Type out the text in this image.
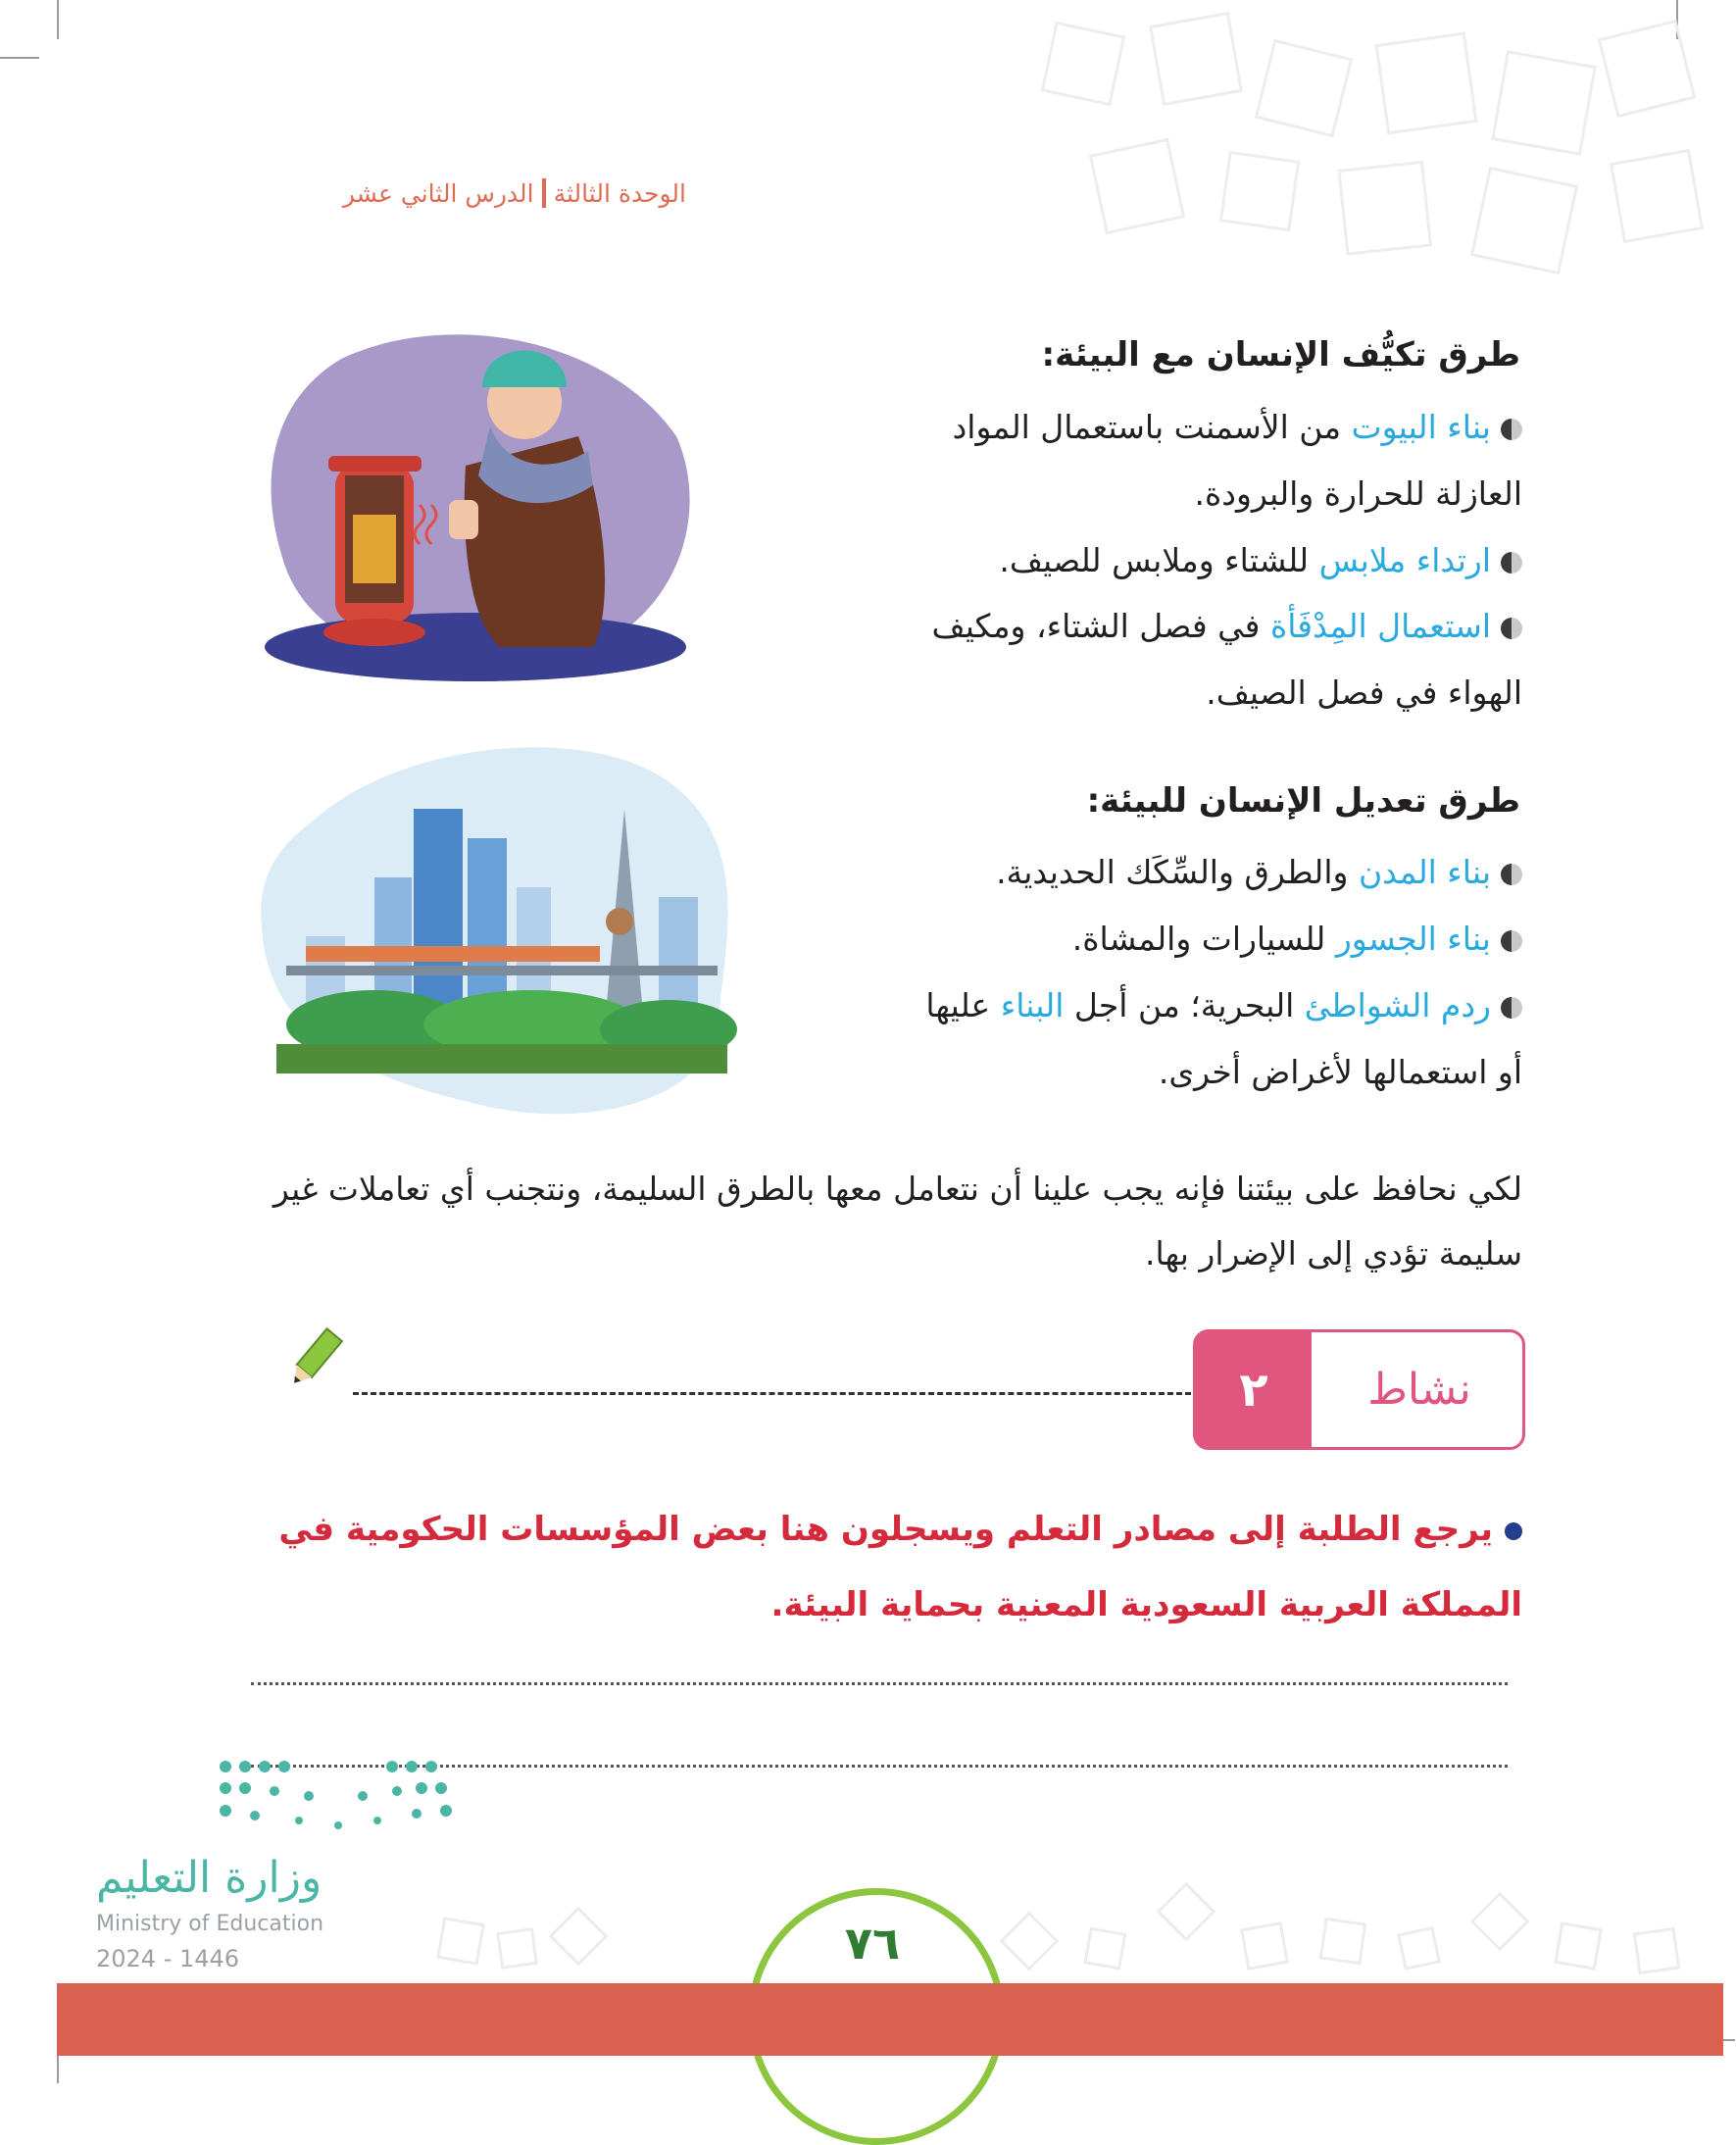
الوحدة الثالثة
الدرس الثاني عشر
طرق تكيُّف الإنسان مع البيئة:
بناء البيوت من الأسمنت باستعمال المواد العازلة للحرارة والبرودة.
ارتداء ملابس للشتاء وملابس للصيف.
استعمال المِدْفَأة في فصل الشتاء، ومكيف الهواء في فصل الصيف.
طرق تعديل الإنسان للبيئة:
بناء المدن والطرق والسِّكَك الحديدية.
بناء الجسور للسيارات والمشاة.
ردم الشواطئ البحرية؛ من أجل البناء عليها أو استعمالها لأغراض أخرى.
لكي نحافظ على بيئتنا فإنه يجب علينا أن نتعامل معها بالطرق السليمة، ونتجنب أي تعاملات غير سليمة تؤدي إلى الإضرار بها.
٢	نشاط
يرجع الطلبة إلى مصادر التعلم ويسجلون هنا بعض المؤسسات الحكومية في
المملكة العربية السعودية المعنية بحماية البيئة.
وزارة التعليم
Ministry of Education
2024 - 1446	٧٦
